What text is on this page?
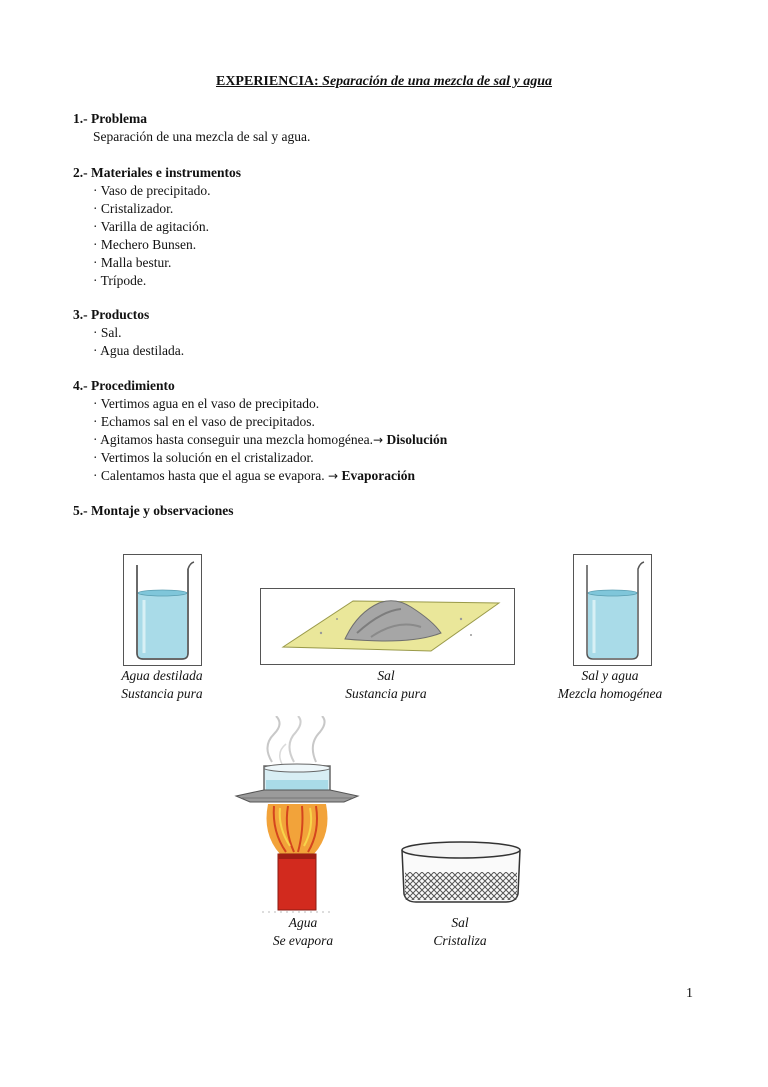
EXPERIENCIA: Separación de una mezcla de sal y agua
1.- Problema
Separación de una mezcla de sal y agua.
2.- Materiales e instrumentos
· Vaso de precipitado.
· Cristalizador.
· Varilla de agitación.
· Mechero Bunsen.
· Malla bestur.
· Trípode.
3.- Productos
· Sal.
· Agua destilada.
4.- Procedimiento
· Vertimos agua en el vaso de precipitado.
· Echamos sal en el vaso de precipitados.
· Agitamos hasta conseguir una mezcla homogénea.→ Disolución
· Vertimos la solución en el cristalizador.
· Calentamos hasta que el agua se evapora. → Evaporación
5.- Montaje y observaciones
Agua destilada
Sustancia pura
Sal
Sustancia pura
Sal y agua
Mezcla homogénea
Agua
Se evapora
Sal
Cristaliza
1
